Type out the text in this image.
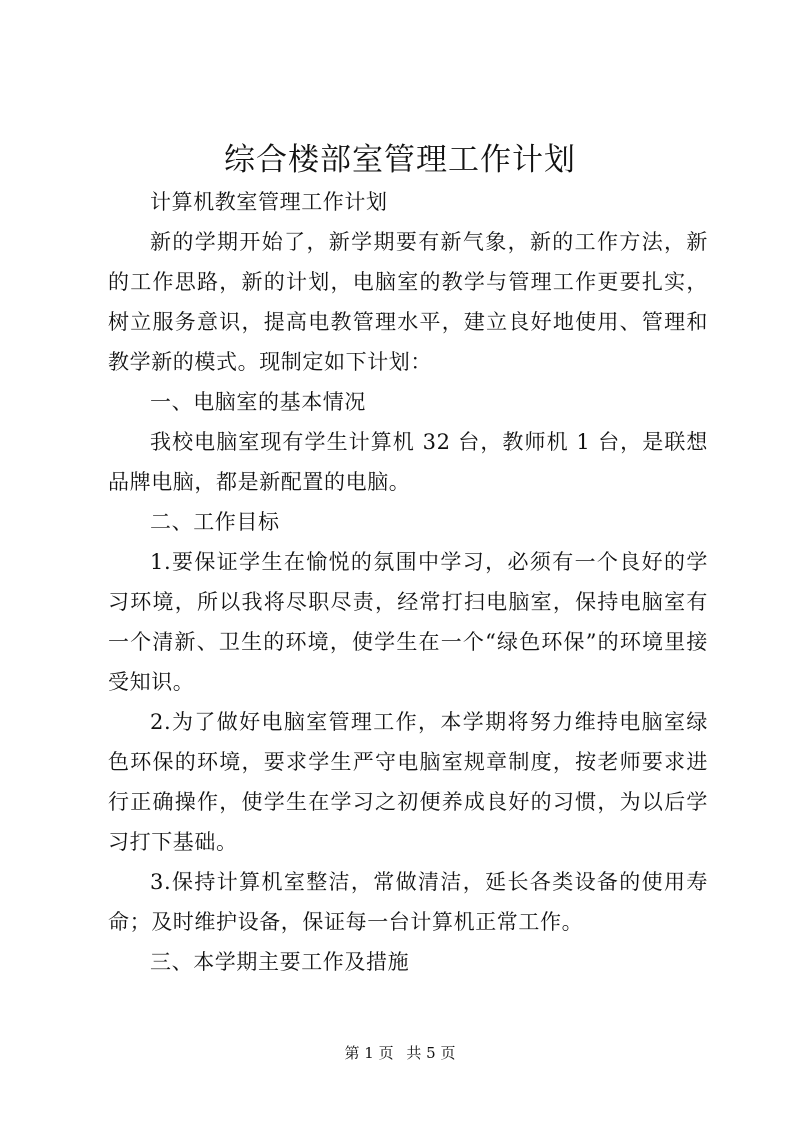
综合楼部室管理工作计划

计算机教室管理工作计划

新的学期开始了，新学期要有新气象，新的工作方法，新的工作思路，新的计划，电脑室的教学与管理工作更要扎实，树立服务意识，提高电教管理水平，建立良好地使用、管理和教学新的模式。现制定如下计划：

一、电脑室的基本情况

我校电脑室现有学生计算机 32 台，教师机 1 台，是联想品牌电脑，都是新配置的电脑。

二、工作目标

1.要保证学生在愉悦的氛围中学习，必须有一个良好的学习环境，所以我将尽职尽责，经常打扫电脑室，保持电脑室有一个清新、卫生的环境，使学生在一个“绿色环保”的环境里接受知识。

2.为了做好电脑室管理工作，本学期将努力维持电脑室绿色环保的环境，要求学生严守电脑室规章制度，按老师要求进行正确操作，使学生在学习之初便养成良好的习惯，为以后学习打下基础。

3.保持计算机室整洁，常做清洁，延长各类设备的使用寿命；及时维护设备，保证每一台计算机正常工作。

三、本学期主要工作及措施

第 1 页 共 5 页
